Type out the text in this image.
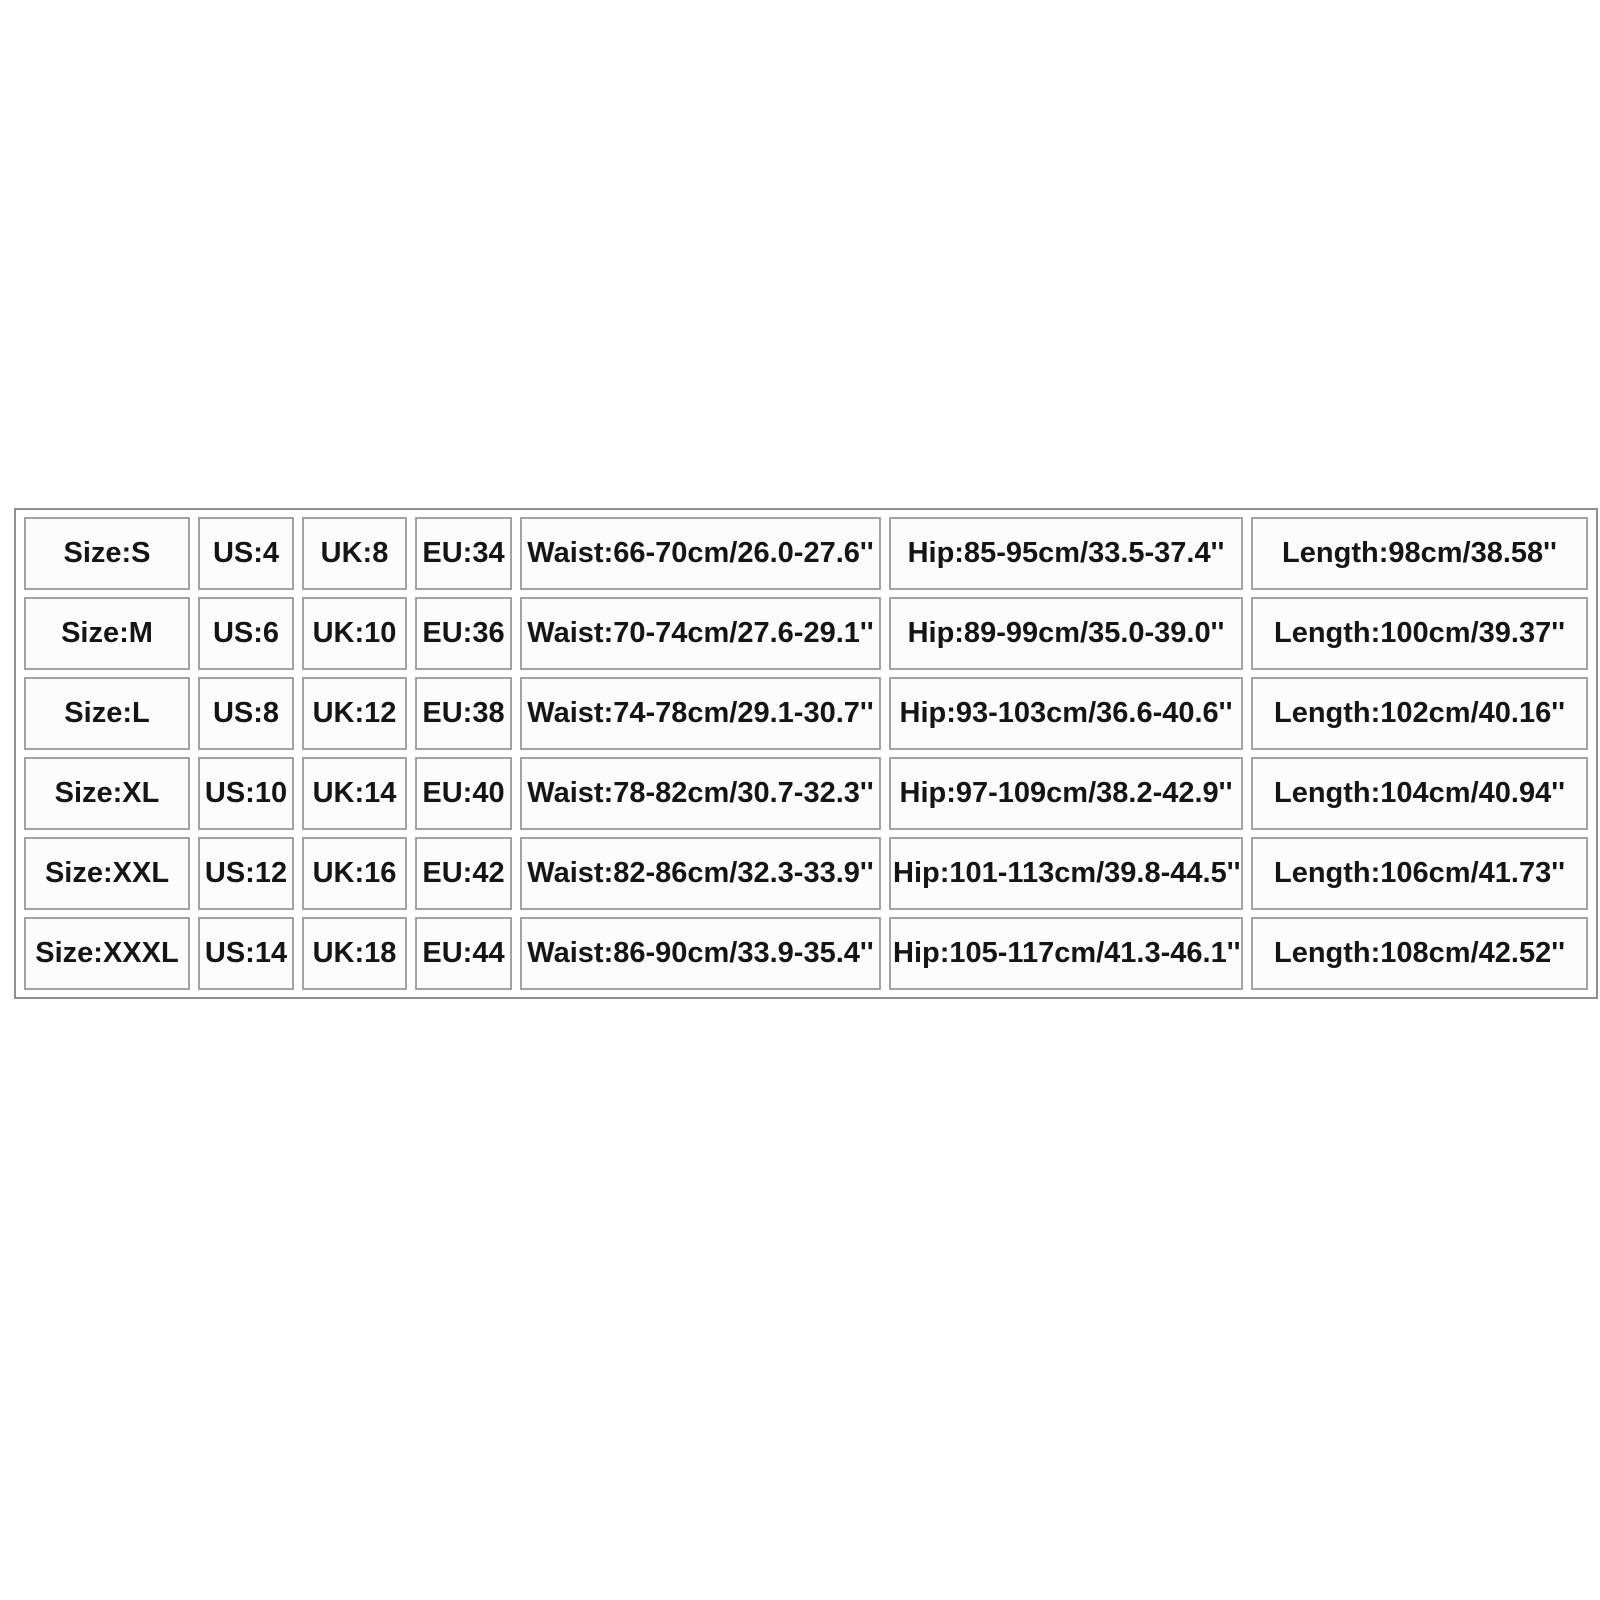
Size:S	US:4	UK:8	EU:34	Waist:66-70cm/26.0-27.6''	Hip:85-95cm/33.5-37.4''	Length:98cm/38.58''
Size:M	US:6	UK:10	EU:36	Waist:70-74cm/27.6-29.1''	Hip:89-99cm/35.0-39.0''	Length:100cm/39.37''
Size:L	US:8	UK:12	EU:38	Waist:74-78cm/29.1-30.7''	Hip:93-103cm/36.6-40.6''	Length:102cm/40.16''
Size:XL	US:10	UK:14	EU:40	Waist:78-82cm/30.7-32.3''	Hip:97-109cm/38.2-42.9''	Length:104cm/40.94''
Size:XXL	US:12	UK:16	EU:42	Waist:82-86cm/32.3-33.9''	Hip:101-113cm/39.8-44.5''	Length:106cm/41.73''
Size:XXXL	US:14	UK:18	EU:44	Waist:86-90cm/33.9-35.4''	Hip:105-117cm/41.3-46.1''	Length:108cm/42.52''
